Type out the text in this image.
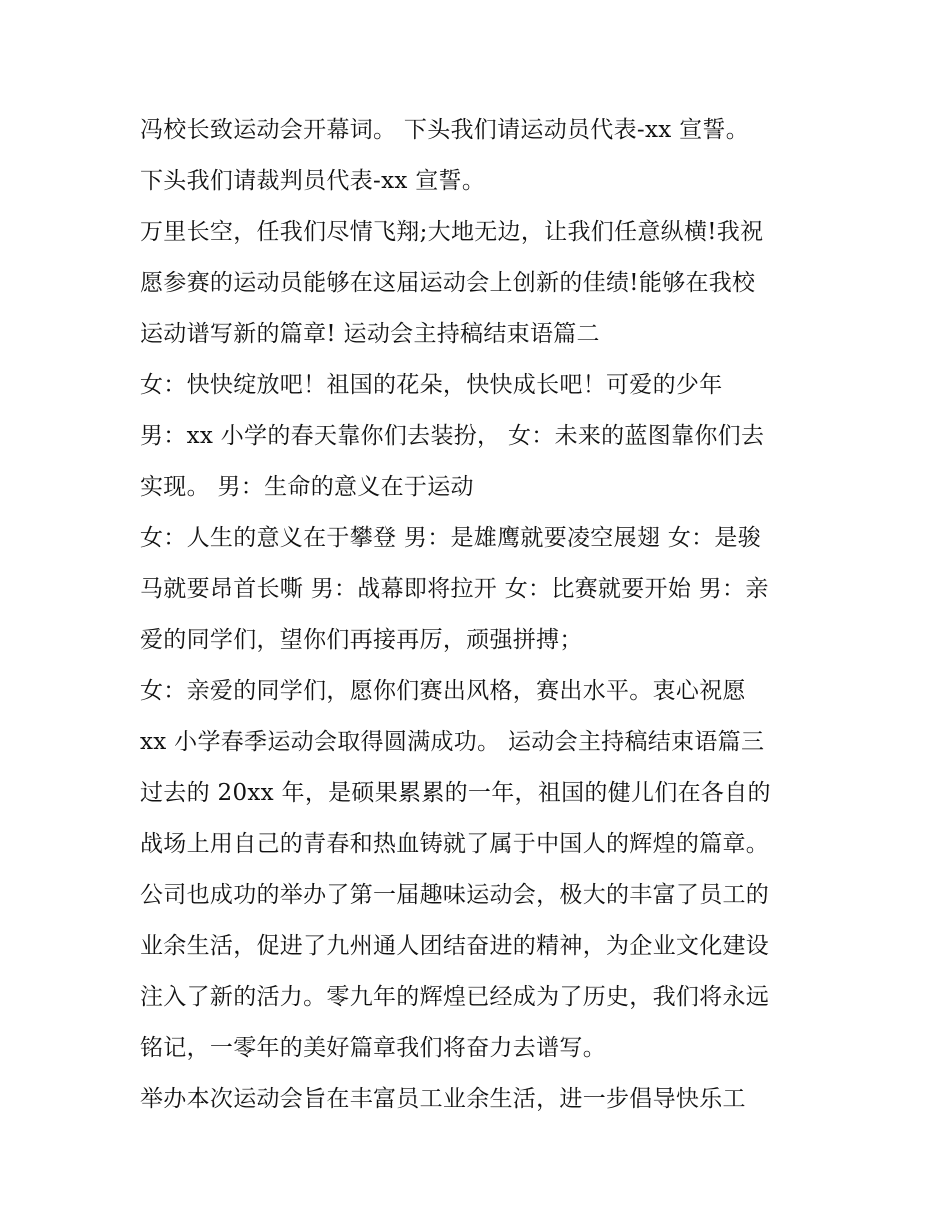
冯校长致运动会开幕词。 下头我们请运动员代表-xx 宣誓。
下头我们请裁判员代表-xx 宣誓。
万里长空，任我们尽情飞翔;大地无边，让我们任意纵横!我祝
愿参赛的运动员能够在这届运动会上创新的佳绩!能够在我校
运动谱写新的篇章! 运动会主持稿结束语篇二
女：快快绽放吧！祖国的花朵，快快成长吧！可爱的少年
男：xx 小学的春天靠你们去装扮， 女：未来的蓝图靠你们去
实现。 男：生命的意义在于运动
女：人生的意义在于攀登 男：是雄鹰就要凌空展翅 女：是骏
马就要昂首长嘶 男：战幕即将拉开 女：比赛就要开始 男：亲
爱的同学们，望你们再接再厉，顽强拼搏；
女：亲爱的同学们，愿你们赛出风格，赛出水平。衷心祝愿
xx 小学春季运动会取得圆满成功。 运动会主持稿结束语篇三
过去的 20xx 年，是硕果累累的一年，祖国的健儿们在各自的
战场上用自己的青春和热血铸就了属于中国人的辉煌的篇章。
公司也成功的举办了第一届趣味运动会，极大的丰富了员工的
业余生活，促进了九州通人团结奋进的精神，为企业文化建设
注入了新的活力。零九年的辉煌已经成为了历史，我们将永远
铭记，一零年的美好篇章我们将奋力去谱写。
举办本次运动会旨在丰富员工业余生活，进一步倡导快乐工
